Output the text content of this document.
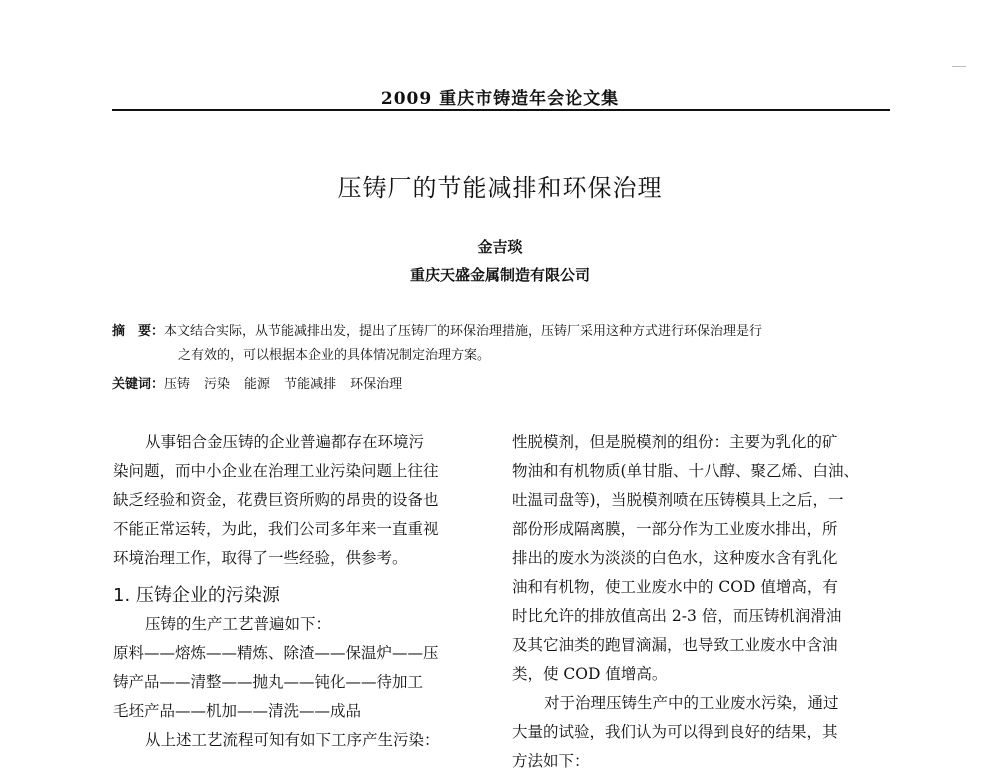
2009 重庆市铸造年会论文集
压铸厂的节能减排和环保治理
金吉琰
重庆天盛金属制造有限公司
摘　要：本文结合实际，从节能减排出发，提出了压铸厂的环保治理措施，压铸厂采用这种方式进行环保治理是行
之有效的，可以根据本企业的具体情况制定治理方案。
关键词：压铸 污染 能源 节能减排 环保治理
从事铝合金压铸的企业普遍都存在环境污
染问题，而中小企业在治理工业污染问题上往往
缺乏经验和资金，花费巨资所购的昂贵的设备也
不能正常运转，为此，我们公司多年来一直重视
环境治理工作，取得了一些经验，供参考。
1. 压铸企业的污染源
压铸的生产工艺普遍如下：
原料——熔炼——精炼、除渣——保温炉——压
铸产品——清整——抛丸——钝化——待加工
毛坯产品——机加——清洗——成品
从上述工艺流程可知有如下工序产生污染：
性脱模剂，但是脱模剂的组份：主要为乳化的矿
物油和有机物质(单甘脂、十八醇、聚乙烯、白油、
吐温司盘等)，当脱模剂喷在压铸模具上之后，一
部份形成隔离膜，一部分作为工业废水排出，所
排出的废水为淡淡的白色水，这种废水含有乳化
油和有机物，使工业废水中的 COD 值增高，有
时比允许的排放值高出 2-3 倍，而压铸机润滑油
及其它油类的跑冒滴漏，也导致工业废水中含油
类，使 COD 值增高。
对于治理压铸生产中的工业废水污染，通过
大量的试验，我们认为可以得到良好的结果，其
方法如下：
